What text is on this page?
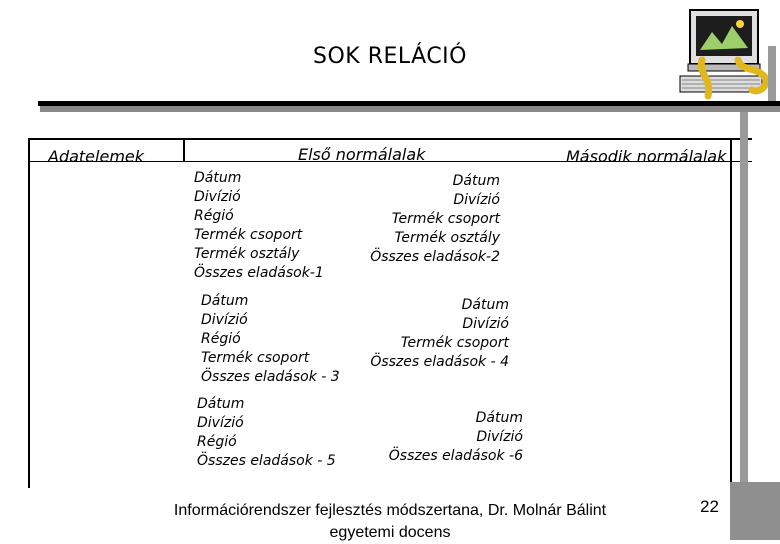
SOK RELÁCIÓ
Adatelemek	Első normálalak	Második normálalak
Dátum
Divízió
Régió
Termék csoport
Termék osztály
Összes eladások-1
Dátum
Divízió
Termék csoport
Termék osztály
Összes eladások-2
Dátum
Divízió
Régió
Termék csoport
Összes eladások - 3
Dátum
Divízió
Termék csoport
Összes eladások - 4
Dátum
Divízió
Régió
Összes eladások - 5
Dátum
Divízió
Összes eladások -6
Információrendszer fejlesztés módszertana, Dr. Molnár Bálint
egyetemi docens
22
